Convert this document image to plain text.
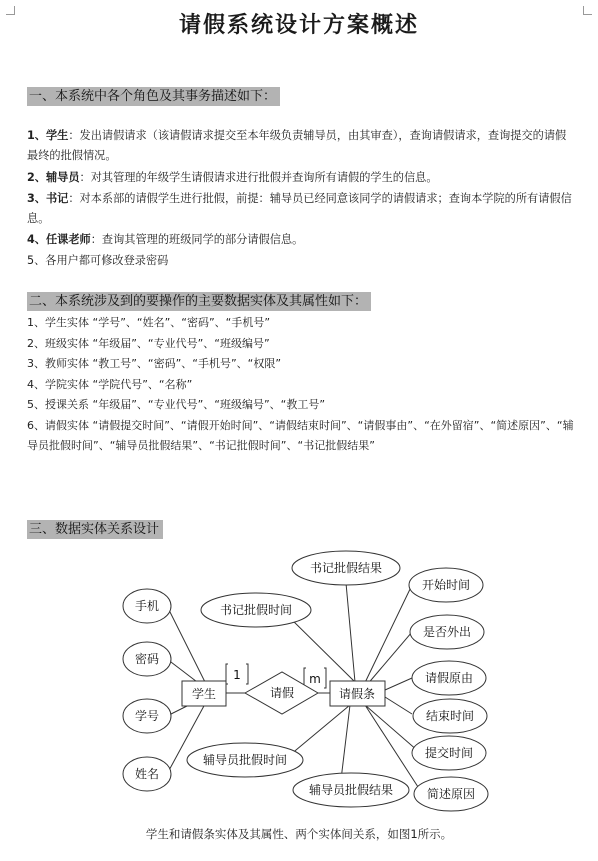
请假系统设计方案概述
一、本系统中各个角色及其事务描述如下：

1、学生：发出请假请求（该请假请求提交至本年级负责辅导员，由其审查），查询请假请求，查询提交的请假最终的批假情况。

2、辅导员：对其管理的年级学生请假请求进行批假并查询所有请假的学生的信息。

3、书记：对本系部的请假学生进行批假，前提：辅导员已经同意该同学的请假请求；查询本学院的所有请假信息。

4、任课老师：查询其管理的班级同学的部分请假信息。

5、各用户都可修改登录密码

二、本系统涉及到的要操作的主要数据实体及其属性如下：
1、学生实体 “学号”、“姓名”、“密码”、“手机号”
2、班级实体 “年级届”、“专业代号”、“班级编号”
3、教师实体 “教工号”、“密码”、“手机号”、“权限”
4、学院实体 “学院代号”、“名称”
5、授课关系 “年级届”、“专业代号”、“班级编号”、“教工号”
6、请假实体 “请假提交时间”、“请假开始时间”、“请假结束时间”、“请假事由”、“在外留宿”、“简述原因”、“辅导员批假时间”、“辅导员批假结果”、“书记批假时间”、“书记批假结果”
三、数据实体关系设计
1	m
手机
密码
学号
姓名
学生	请假	请假条
书记批假结果
书记批假时间
开始时间
是否外出
请假原由
结束时间
提交时间
简述原因
辅导员批假时间
辅导员批假结果
学生和请假条实体及其属性、两个实体间关系，如图1所示。
